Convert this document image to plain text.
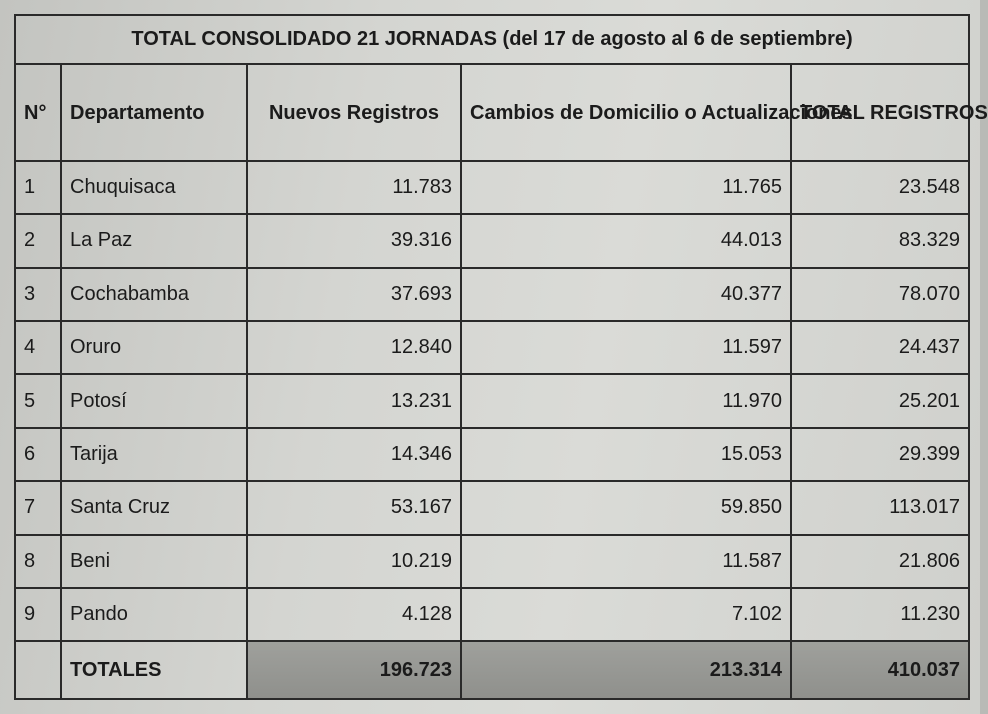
TOTAL CONSOLIDADO 21 JORNADAS (del 17 de agosto al 6 de septiembre)				
N°	Departamento	Nuevos Registros	Cambios de Domicilio o Actualizaciones	TOTAL REGISTROS
1	Chuquisaca	11.783	11.765	23.548
2	La Paz	39.316	44.013	83.329
3	Cochabamba	37.693	40.377	78.070
4	Oruro	12.840	11.597	24.437
5	Potosí	13.231	11.970	25.201
6	Tarija	14.346	15.053	29.399
7	Santa Cruz	53.167	59.850	113.017
8	Beni	10.219	11.587	21.806
9	Pando	4.128	7.102	11.230
	TOTALES	196.723	213.314	410.037
